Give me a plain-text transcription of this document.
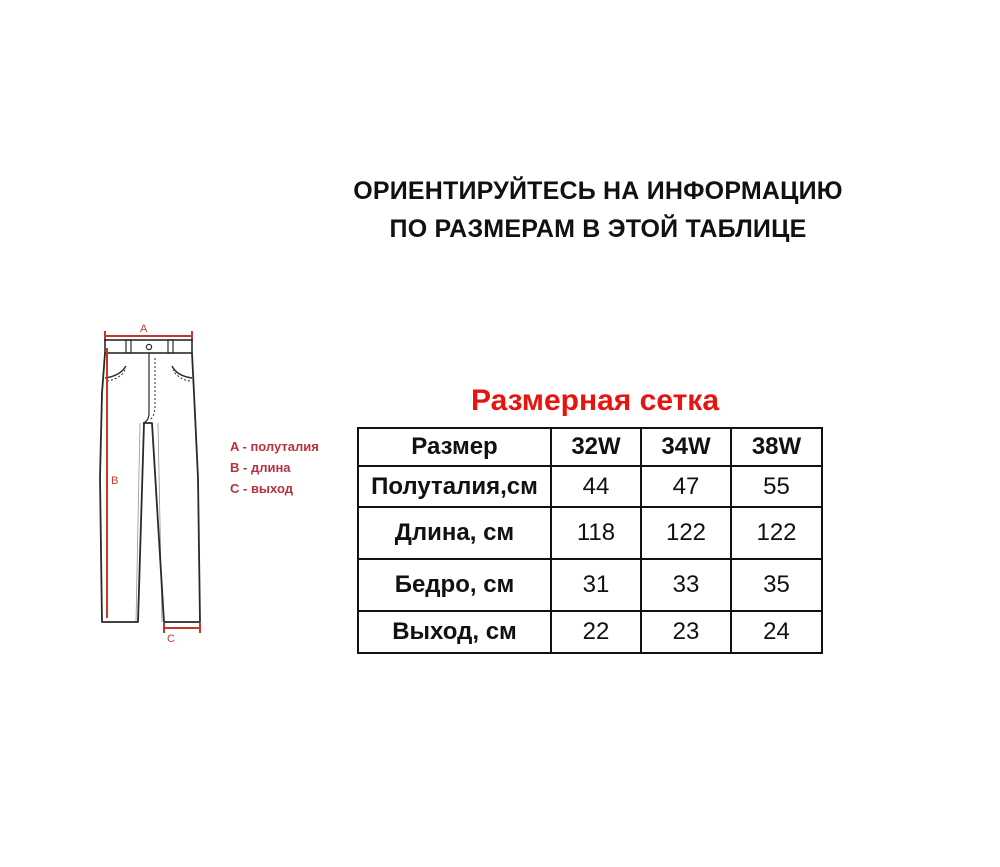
ОРИЕНТИРУЙТЕСЬ НА ИНФОРМАЦИЮ
ПО РАЗМЕРАМ В ЭТОЙ ТАБЛИЦЕ
A
B
C
A - полуталия
B - длина
C - выход
Размерная сетка
Размер	32W	34W	38W
Полуталия,см	44	47	55
Длина, см	118	122	122
Бедро, см	31	33	35
Выход, см	22	23	24
